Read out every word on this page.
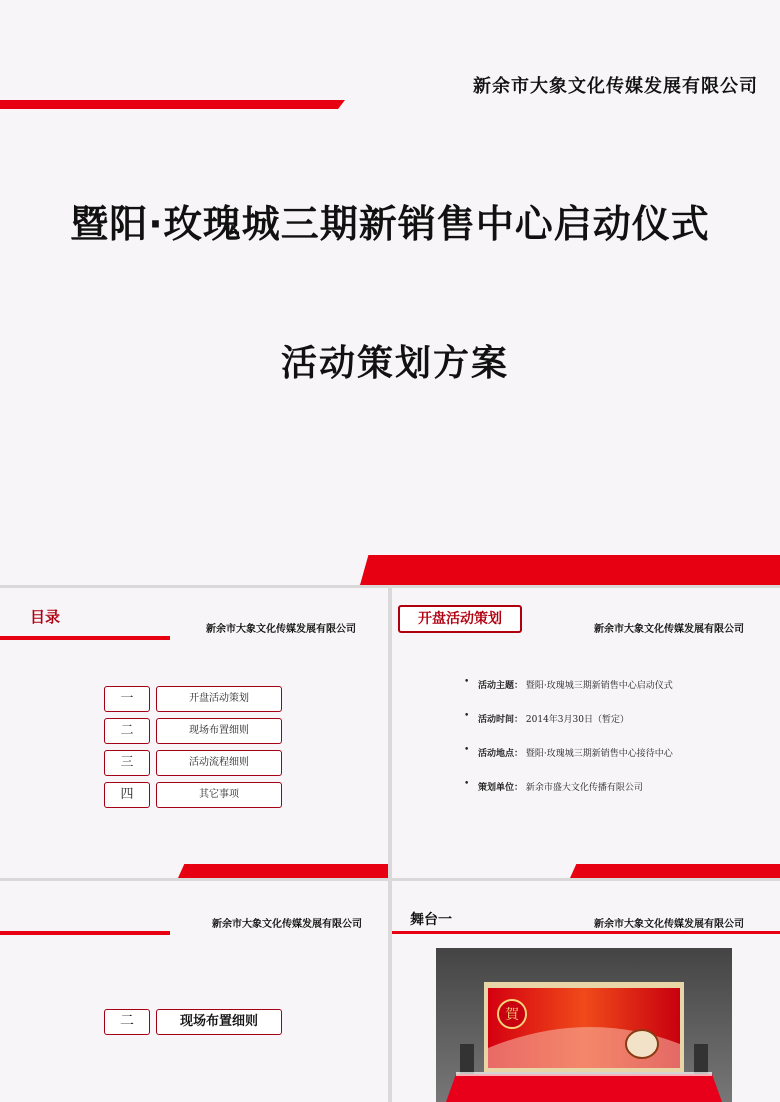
新余市大象文化传媒发展有限公司
暨阳·玫瑰城三期新销售中心启动仪式
活动策划方案
目录
新余市大象文化传媒发展有限公司
一	开盘活动策划
二	现场布置细则
三	活动流程细则
四	其它事项
开盘活动策划
新余市大象文化传媒发展有限公司
• 活动主题： 暨阳·玫瑰城三期新销售中心启动仪式
• 活动时间： 2014年3月30日（暂定）
• 活动地点： 暨阳·玫瑰城三期新销售中心接待中心
• 策划单位： 新余市盛大文化传播有限公司
新余市大象文化传媒发展有限公司
二	现场布置细则
舞台一	新余市大象文化传媒发展有限公司
賀
